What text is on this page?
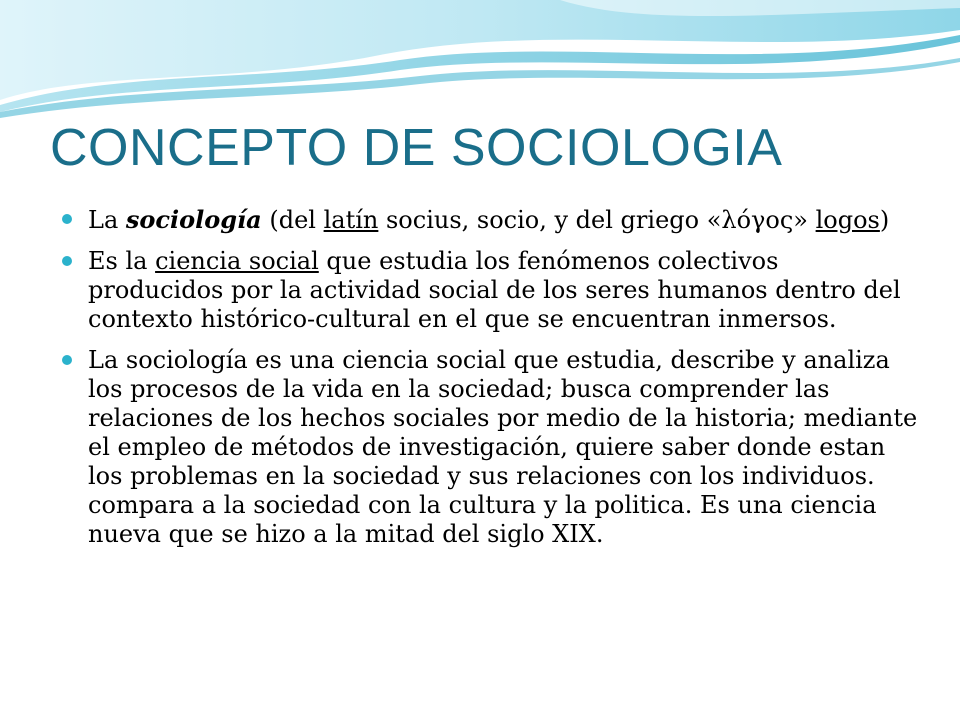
CONCEPTO DE SOCIOLOGIA
La sociología (del latín socius, socio, y del griego «λόγος» logos)
Es la ciencia social que estudia los fenómenos colectivos producidos por la actividad social de los seres humanos dentro del contexto histórico-cultural en el que se encuentran inmersos.
La sociología es una ciencia social que estudia, describe y analiza los procesos de la vida en la sociedad; busca comprender las relaciones de los hechos sociales por medio de la historia; mediante el empleo de métodos de investigación, quiere saber donde estan los problemas en la sociedad y sus relaciones con los individuos. compara a la sociedad con la cultura y la politica. Es una ciencia nueva que se hizo a la mitad del siglo XIX.
